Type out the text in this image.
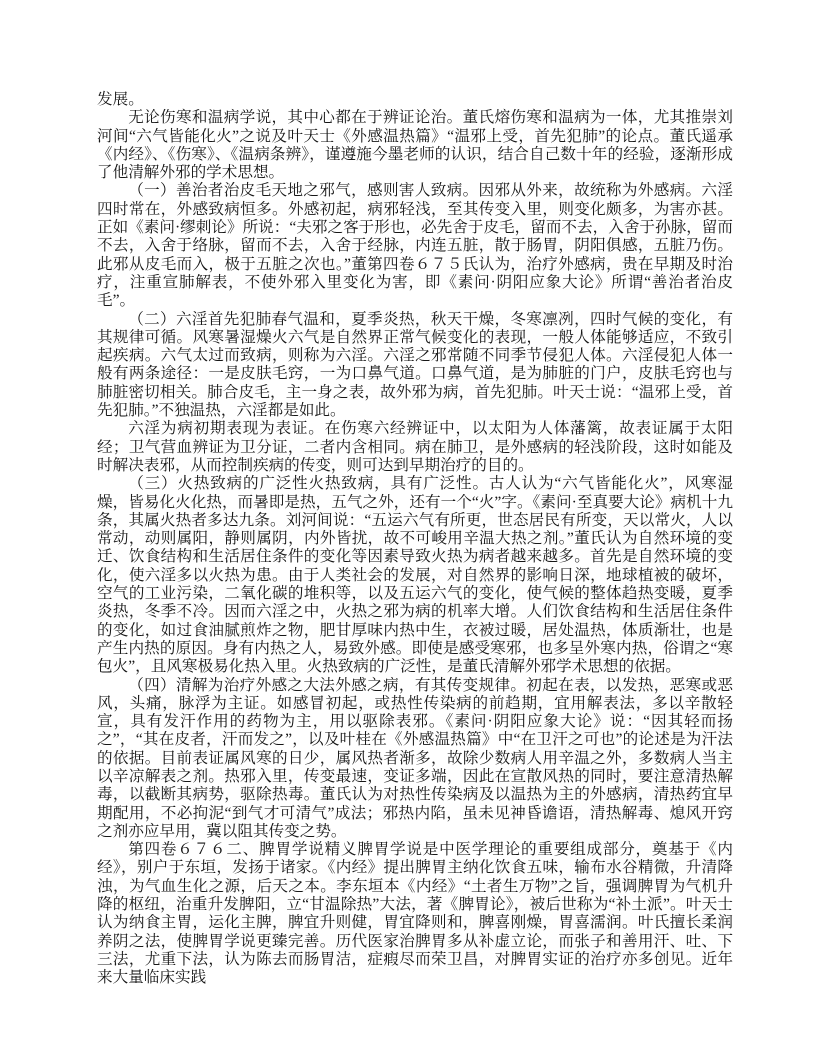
发展。

无论伤寒和温病学说，其中心都在于辨证论治。董氏熔伤寒和温病为一体，尤其推崇刘河间“六气皆能化火”之说及叶天士《外感温热篇》“温邪上受，首先犯肺”的论点。董氏遥承《内经》、《伤寒》、《温病条辨》，谨遵施今墨老师的认识，结合自己数十年的经验，逐渐形成了他清解外邪的学术思想。

（一）善治者治皮毛天地之邪气，感则害人致病。因邪从外来，故统称为外感病。六淫四时常在，外感致病恒多。外感初起，病邪轻浅，至其传变入里，则变化颇多，为害亦甚。正如《素问·缪刺论》所说：“夫邪之客于形也，必先舍于皮毛，留而不去，入舍于孙脉，留而不去，入舍于络脉，留而不去，入舍于经脉，内连五脏，散于肠胃，阴阳俱感，五脏乃伤。此邪从皮毛而入，极于五脏之次也。”董第四卷６７５氏认为，治疗外感病，贵在早期及时治疗，注重宣肺解表，不使外邪入里变化为害，即《素问·阴阳应象大论》所谓“善治者治皮毛”。

（二）六淫首先犯肺春气温和，夏季炎热，秋天干燥，冬寒凛冽，四时气候的变化，有其规律可循。风寒暑湿燥火六气是自然界正常气候变化的表现，一般人体能够适应，不致引起疾病。六气太过而致病，则称为六淫。六淫之邪常随不同季节侵犯人体。六淫侵犯人体一般有两条途径：一是皮肤毛窍，一为口鼻气道。口鼻气道，是为肺脏的门户，皮肤毛窍也与肺脏密切相关。肺合皮毛，主一身之表，故外邪为病，首先犯肺。叶天士说：“温邪上受，首先犯肺。”不独温热，六淫都是如此。

六淫为病初期表现为表证。在伤寒六经辨证中，以太阳为人体藩篱，故表证属于太阳经；卫气营血辨证为卫分证，二者内含相同。病在肺卫，是外感病的轻浅阶段，这时如能及时解决表邪，从而控制疾病的传变，则可达到早期治疗的目的。

（三）火热致病的广泛性火热致病，具有广泛性。古人认为“六气皆能化火”，风寒湿燥，皆易化火化热，而暑即是热，五气之外，还有一个“火”字。《素问·至真要大论》病机十九条，其属火热者多达九条。刘河间说：“五运六气有所更，世态居民有所变，天以常火，人以常动，动则属阳，静则属阴，内外皆扰，故不可峻用辛温大热之剂。”董氏认为自然环境的变迁、饮食结构和生活居住条件的变化等因素导致火热为病者越来越多。首先是自然环境的变化，使六淫多以火热为患。由于人类社会的发展，对自然界的影响日深，地球植被的破坏，空气的工业污染，二氧化碳的堆积等，以及五运六气的变化，使气候的整体趋热变暖，夏季炎热，冬季不冷。因而六淫之中，火热之邪为病的机率大增。人们饮食结构和生活居住条件的变化，如过食油腻煎炸之物，肥甘厚味内热中生，衣被过暖，居处温热，体质渐壮，也是产生内热的原因。身有内热之人，易致外感。即使是感受寒邪，也多呈外寒内热，俗谓之“寒包火”，且风寒极易化热入里。火热致病的广泛性，是董氏清解外邪学术思想的依据。

（四）清解为治疗外感之大法外感之病，有其传变规律。初起在表，以发热，恶寒或恶风，头痛，脉浮为主证。如感冒初起，或热性传染病的前趋期，宜用解表法，多以辛散轻宣，具有发汗作用的药物为主，用以驱除表邪。《素问·阴阳应象大论》说：“因其轻而扬之”，“其在皮者，汗而发之”，以及叶桂在《外感温热篇》中“在卫汗之可也”的论述是为汗法的依据。目前表证属风寒的日少，属风热者渐多，故除少数病人用辛温之外，多数病人当主以辛凉解表之剂。热邪入里，传变最速，变证多端，因此在宣散风热的同时，要注意清热解毒，以截断其病势，驱除热毒。董氏认为对热性传染病及以温热为主的外感病，清热药宜早期配用，不必拘泥“到气才可清气”成法；邪热内陷，虽未见神昏谵语，清热解毒、熄风开窍之剂亦应早用，冀以阻其传变之势。

第四卷６７６二、脾胃学说精义脾胃学说是中医学理论的重要组成部分，奠基于《内经》，别户于东垣，发扬于诸家。《内经》提出脾胃主纳化饮食五味，输布水谷精微，升清降浊，为气血生化之源，后天之本。李东垣本《内经》“土者生万物”之旨，强调脾胃为气机升降的枢纽，治重升发脾阳，立“甘温除热”大法，著《脾胃论》，被后世称为“补土派”。叶天士认为纳食主胃，运化主脾，脾宜升则健，胃宜降则和，脾喜刚燥，胃喜濡润。叶氏擅长柔润养阴之法，使脾胃学说更臻完善。历代医家治脾胃多从补虚立论，而张子和善用汗、吐、下三法，尤重下法，认为陈去而肠胃洁，症瘕尽而荣卫昌，对脾胃实证的治疗亦多创见。近年来大量临床实践
